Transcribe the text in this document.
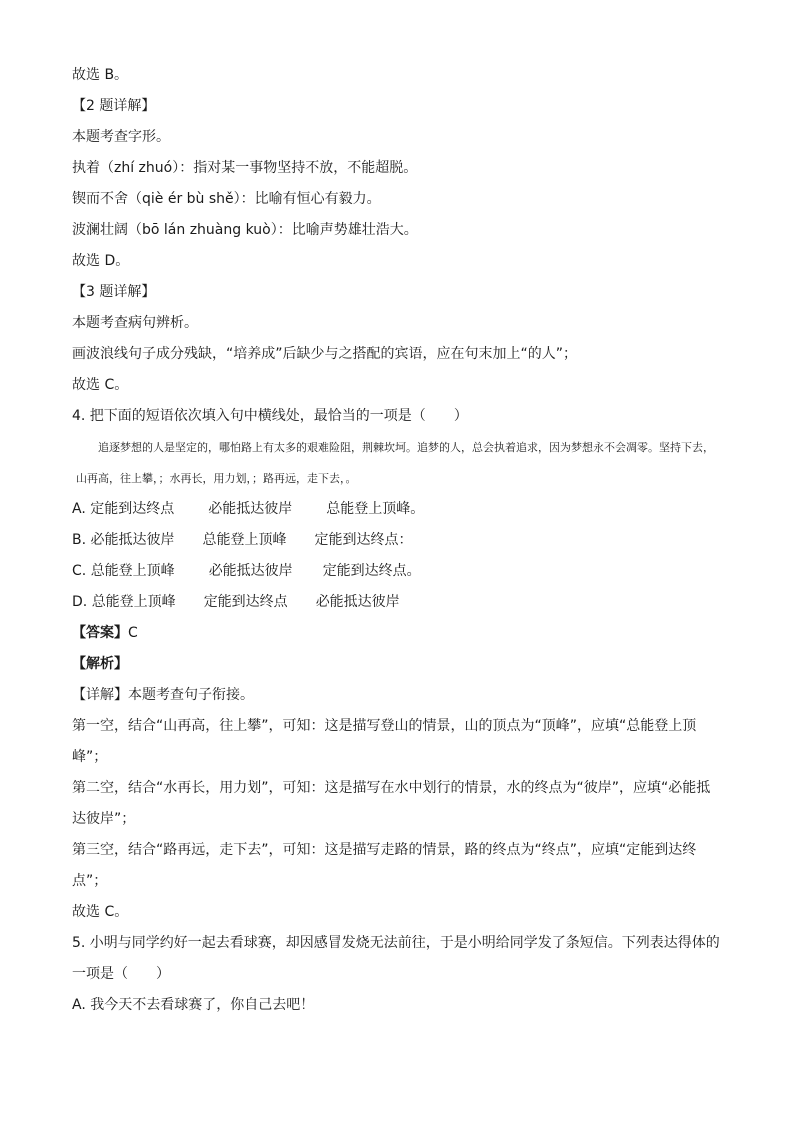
故选 B。
【2 题详解】
本题考查字形。
执着（zhí zhuó）：指对某一事物坚持不放，不能超脱。
锲而不舍（qiè ér bù shě）：比喻有恒心有毅力。
波澜壮阔（bō lán zhuàng kuò）：比喻声势雄壮浩大。
故选 D。
【3 题详解】
本题考查病句辨析。
画波浪线句子成分残缺，“培养成”后缺少与之搭配的宾语，应在句末加上“的人”；
故选 C。
4. 把下面的短语依次填入句中横线处，最恰当的一项是（ ）
追逐梦想的人是坚定的，哪怕路上有太多的艰难险阻，荆棘坎坷。追梦的人，总会执着追求，因为梦想永不会凋零。坚持下去，山再高，往上攀，；水再长，用力划，；路再远，走下去，。
A. 定能到达终点 必能抵达彼岸 总能登上顶峰。
B. 必能抵达彼岸 总能登上顶峰 定能到达终点：
C. 总能登上顶峰 必能抵达彼岸 定能到达终点。
D. 总能登上顶峰 定能到达终点 必能抵达彼岸
【答案】C
【解析】
【详解】本题考查句子衔接。
第一空，结合“山再高，往上攀”，可知：这是描写登山的情景，山的顶点为“顶峰”，应填“总能登上顶峰”；
第二空，结合“水再长，用力划”，可知：这是描写在水中划行的情景，水的终点为“彼岸”，应填“必能抵达彼岸”；
第三空，结合“路再远，走下去”，可知：这是描写走路的情景，路的终点为“终点”，应填“定能到达终点”；
故选 C。
5. 小明与同学约好一起去看球赛，却因感冒发烧无法前往，于是小明给同学发了条短信。下列表达得体的
一项是（ ）
A. 我今天不去看球赛了，你自己去吧！
